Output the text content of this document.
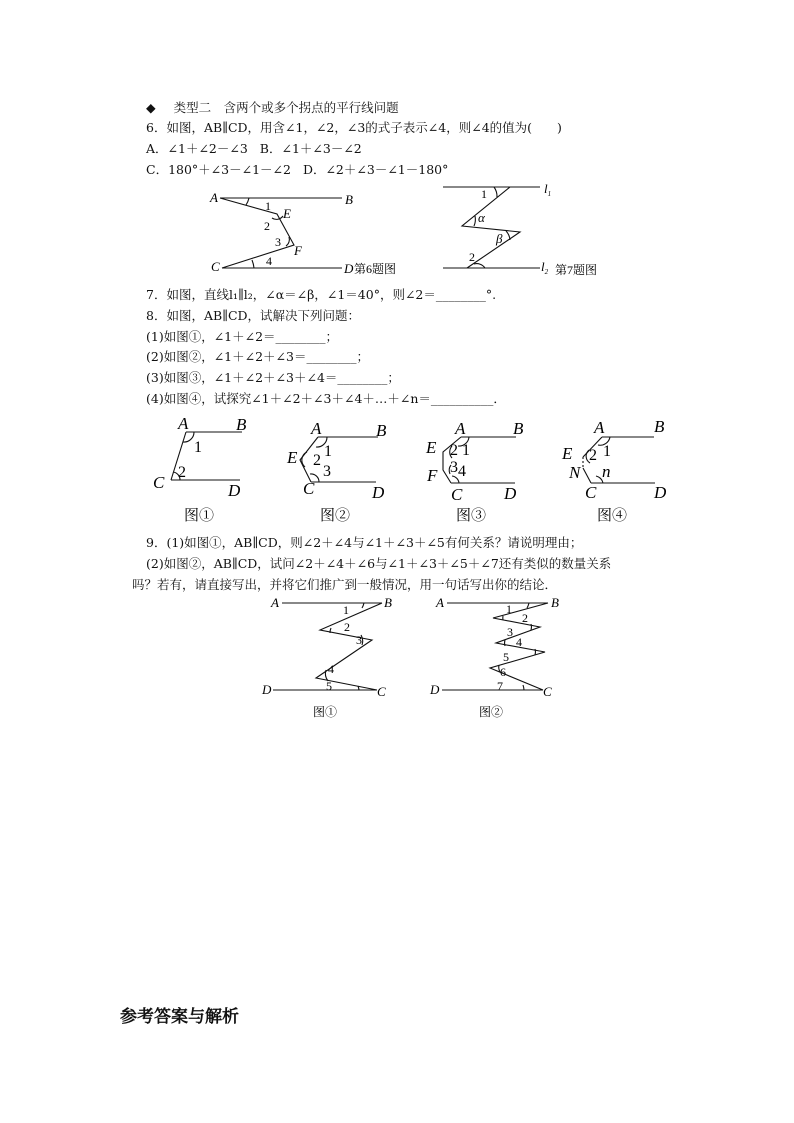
◆ 类型二　含两个或多个拐点的平行线问题
6．如图，AB∥CD，用含∠1，∠2，∠3的式子表示∠4，则∠4的值为(　　)
A．∠1＋∠2－∠3 B．∠1＋∠3－∠2
C．180°＋∠3－∠1－∠2 D．∠2＋∠3－∠1－180°
7．如图，直线l₁∥l₂，∠α＝∠β，∠1＝40°，则∠2＝________°.
8．如图，AB∥CD，试解决下列问题：
(1)如图①，∠1＋∠2＝________；
(2)如图②，∠1＋∠2＋∠3＝________；
(3)如图③，∠1＋∠2＋∠3＋∠4＝________；
(4)如图④，试探究∠1＋∠2＋∠3＋∠4＋…＋∠n＝__________．
9．(1)如图①，AB∥CD，则∠2＋∠4与∠1＋∠3＋∠5有何关系？请说明理由；
(2)如图②，AB∥CD，试问∠2＋∠4＋∠6与∠1＋∠3＋∠5＋∠7还有类似的数量关系
吗？若有，请直接写出，并将它们推广到一般情况，用一句话写出你的结论．
参考答案与解析
A	B
C	D
E
F
1
2
3
4
第6题图
$l_1$
$l_2$
1
α
β
2
第7题图
A	B
C	D
1
2
图①
A	B
E
C	D
1
2
3
图②
A	B
E
F
C D
1
2
3 4
图③
A	B
E
N
C	D
1
2
n
图④
A	B
D	C
1
2
3
4
5
图①
A	B
D	C
1
2
3
4
5
6
7
图②
